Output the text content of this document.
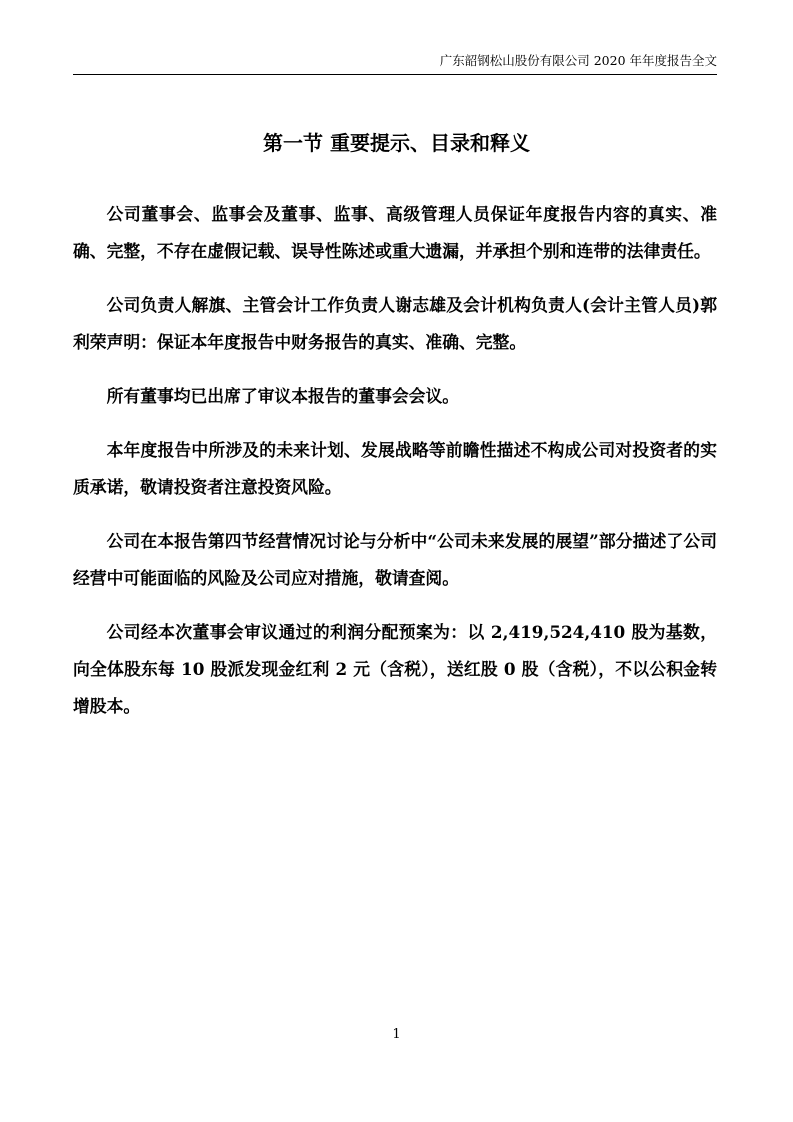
广东韶钢松山股份有限公司 2020 年年度报告全文
第一节 重要提示、目录和释义

公司董事会、监事会及董事、监事、高级管理人员保证年度报告内容的真实、准确、完整，不存在虚假记载、误导性陈述或重大遗漏，并承担个别和连带的法律责任。

公司负责人解旗、主管会计工作负责人谢志雄及会计机构负责人(会计主管人员)郭利荣声明：保证本年度报告中财务报告的真实、准确、完整。

所有董事均已出席了审议本报告的董事会会议。

本年度报告中所涉及的未来计划、发展战略等前瞻性描述不构成公司对投资者的实质承诺，敬请投资者注意投资风险。

公司在本报告第四节经营情况讨论与分析中“公司未来发展的展望”部分描述了公司经营中可能面临的风险及公司应对措施，敬请查阅。

公司经本次董事会审议通过的利润分配预案为：以 2,419,524,410 股为基数，向全体股东每 10 股派发现金红利 2 元（含税），送红股 0 股（含税），不以公积金转增股本。

1
